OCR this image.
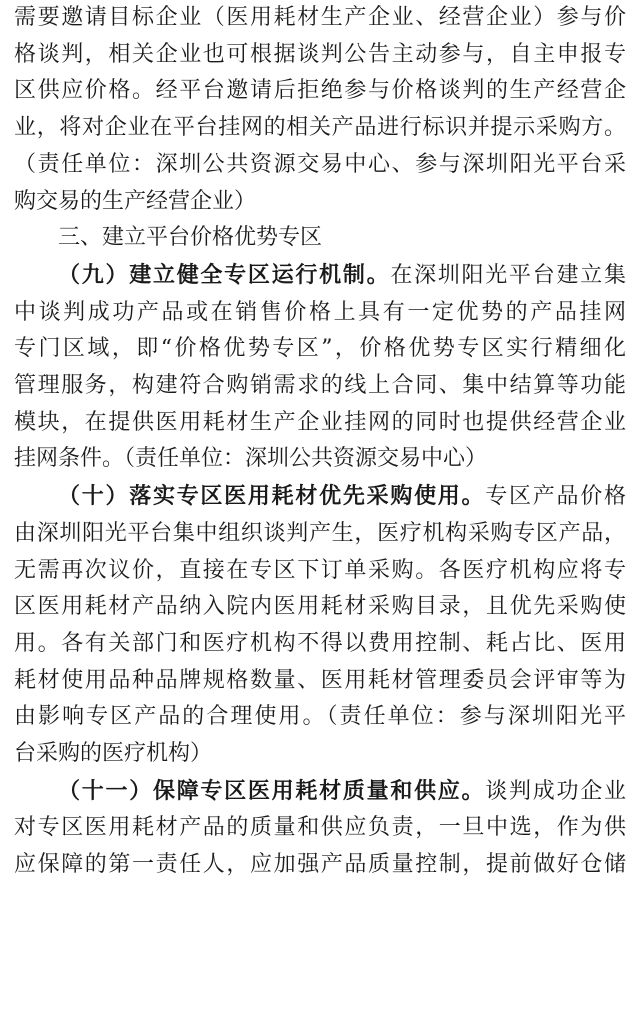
需要邀请目标企业（医用耗材生产企业、经营企业）参与价
格谈判，相关企业也可根据谈判公告主动参与，自主申报专
区供应价格。经平台邀请后拒绝参与价格谈判的生产经营企
业，将对企业在平台挂网的相关产品进行标识并提示采购方。
（责任单位：深圳公共资源交易中心、参与深圳阳光平台采
购交易的生产经营企业）
三、建立平台价格优势专区
（九）建立健全专区运行机制。在深圳阳光平台建立集
中谈判成功产品或在销售价格上具有一定优势的产品挂网
专门区域，即“价格优势专区”，价格优势专区实行精细化
管理服务，构建符合购销需求的线上合同、集中结算等功能
模块，在提供医用耗材生产企业挂网的同时也提供经营企业
挂网条件。（责任单位：深圳公共资源交易中心）
（十）落实专区医用耗材优先采购使用。专区产品价格
由深圳阳光平台集中组织谈判产生，医疗机构采购专区产品，
无需再次议价，直接在专区下订单采购。各医疗机构应将专
区医用耗材产品纳入院内医用耗材采购目录，且优先采购使
用。各有关部门和医疗机构不得以费用控制、耗占比、医用
耗材使用品种品牌规格数量、医用耗材管理委员会评审等为
由影响专区产品的合理使用。（责任单位：参与深圳阳光平
台采购的医疗机构）
（十一）保障专区医用耗材质量和供应。谈判成功企业
对专区医用耗材产品的质量和供应负责，一旦中选，作为供
应保障的第一责任人，应加强产品质量控制，提前做好仓储
